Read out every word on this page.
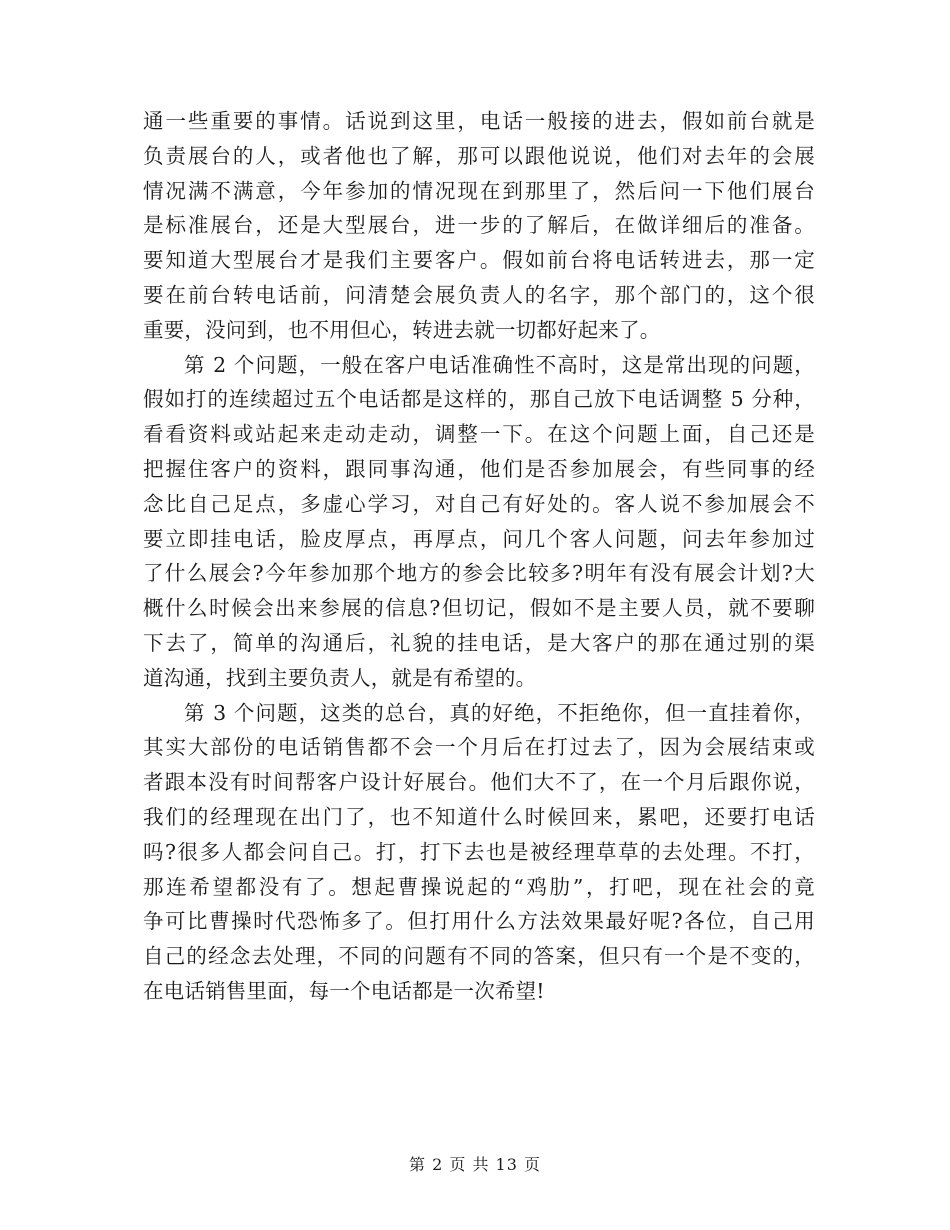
通一些重要的事情。话说到这里，电话一般接的进去，假如前台就是
负责展台的人，或者他也了解，那可以跟他说说，他们对去年的会展
情况满不满意，今年参加的情况现在到那里了，然后问一下他们展台
是标准展台，还是大型展台，进一步的了解后，在做详细后的准备。
要知道大型展台才是我们主要客户。假如前台将电话转进去，那一定
要在前台转电话前，问清楚会展负责人的名字，那个部门的，这个很
重要，没问到，也不用但心，转进去就一切都好起来了。
第 2 个问题，一般在客户电话准确性不高时，这是常出现的问题，
假如打的连续超过五个电话都是这样的，那自己放下电话调整 5 分种，
看看资料或站起来走动走动，调整一下。在这个问题上面，自己还是
把握住客户的资料，跟同事沟通，他们是否参加展会，有些同事的经
念比自己足点，多虚心学习，对自己有好处的。客人说不参加展会不
要立即挂电话，脸皮厚点，再厚点，问几个客人问题，问去年参加过
了什么展会?今年参加那个地方的参会比较多?明年有没有展会计划?大
概什么时候会出来参展的信息?但切记，假如不是主要人员，就不要聊
下去了，简单的沟通后，礼貌的挂电话，是大客户的那在通过别的渠
道沟通，找到主要负责人，就是有希望的。
第 3 个问题，这类的总台，真的好绝，不拒绝你，但一直挂着你，
其实大部份的电话销售都不会一个月后在打过去了，因为会展结束或
者跟本没有时间帮客户设计好展台。他们大不了，在一个月后跟你说，
我们的经理现在出门了，也不知道什么时候回来，累吧，还要打电话
吗?很多人都会问自己。打，打下去也是被经理草草的去处理。不打，
那连希望都没有了。想起曹操说起的“鸡肋”，打吧，现在社会的竟
争可比曹操时代恐怖多了。但打用什么方法效果最好呢?各位，自己用
自己的经念去处理，不同的问题有不同的答案，但只有一个是不变的，
在电话销售里面，每一个电话都是一次希望!
第 2 页 共 13 页
